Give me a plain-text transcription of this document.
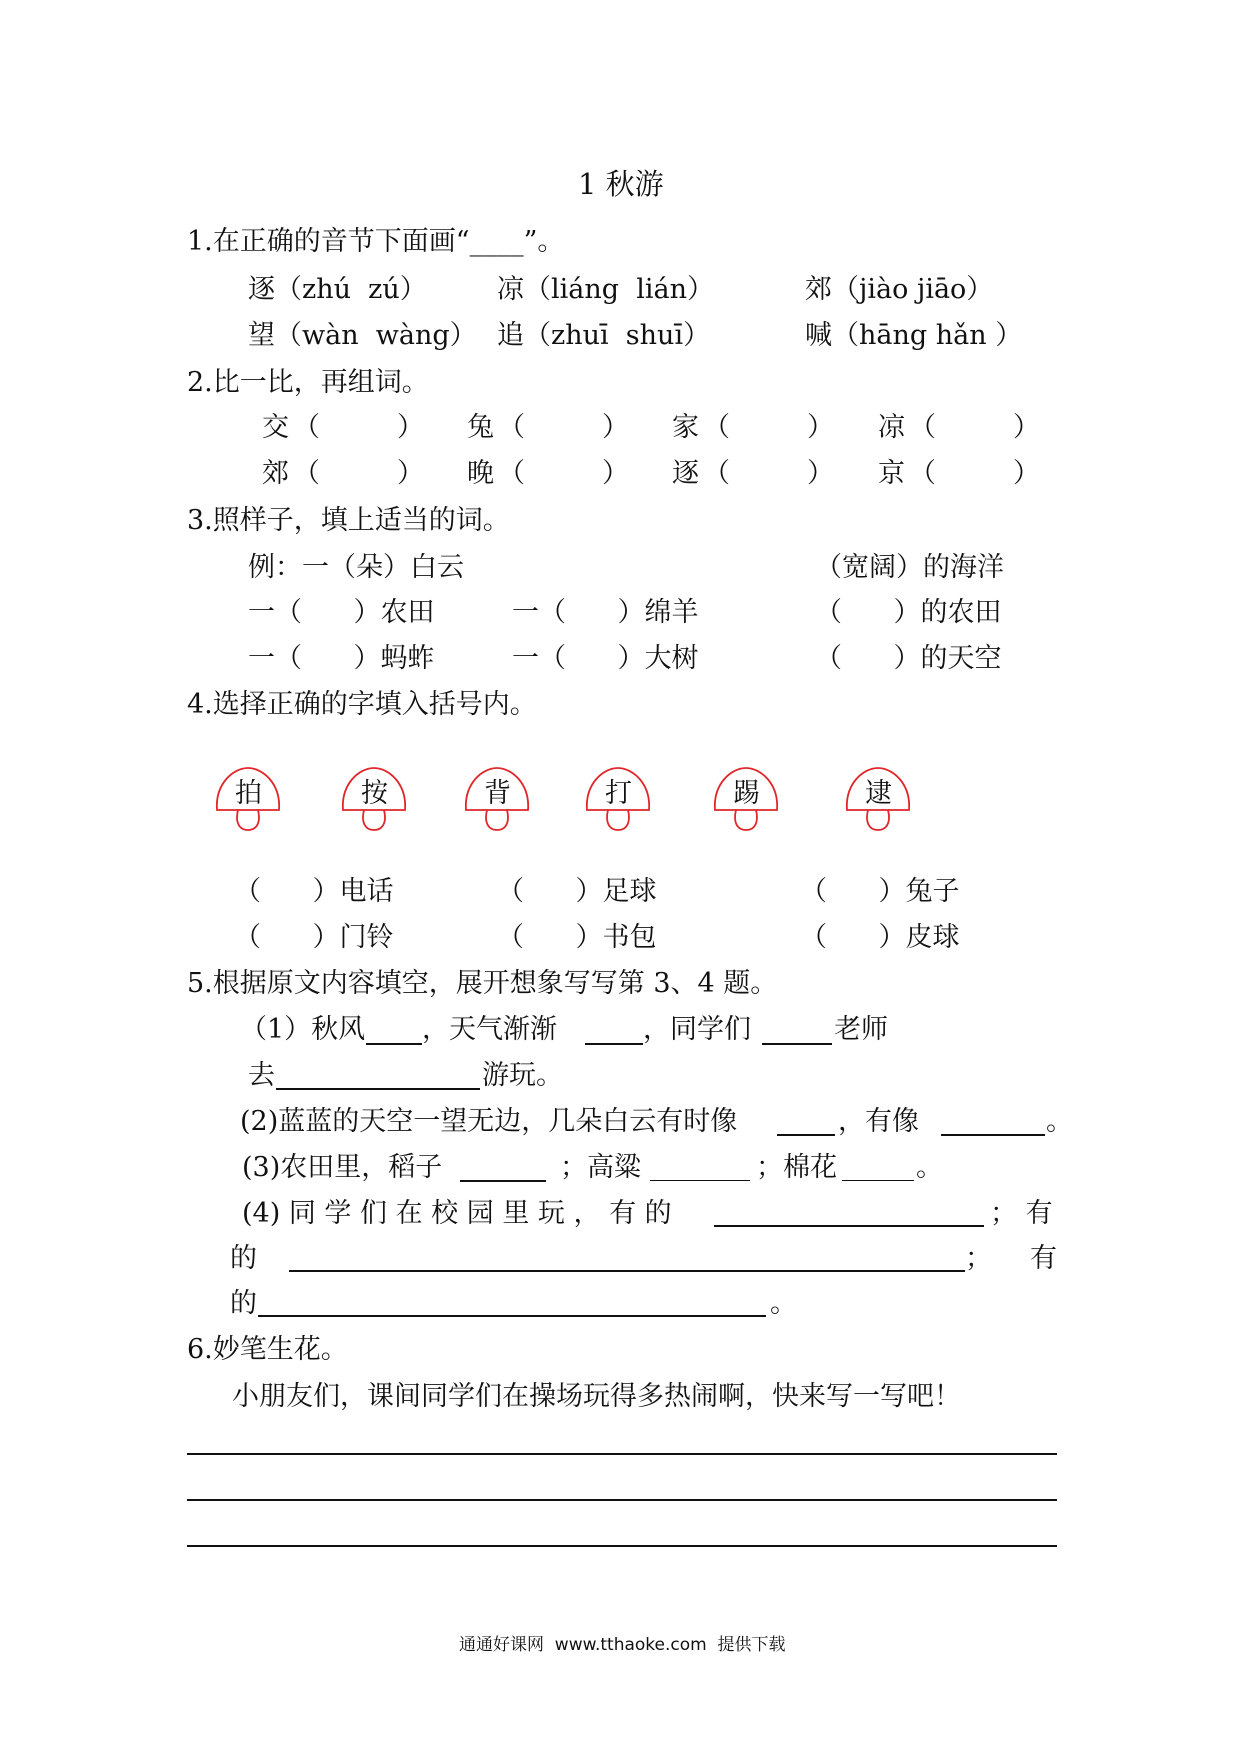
1 秋游
1.在正确的音节下面画“____”。
逐（zhú  zú）	凉（liáng  lián）	郊（jiào jiāo）
望（wàn  wàng） 追（zhuī  shuī）	喊（hāng hǎn ）
2.比一比，再组词。
交 （	） 兔 （	） 家 （	） 凉 （	）
郊 （	） 晚 （	） 逐 （	） 京 （	）
3.照样子，填上适当的词。
例：一（朵）白云	（宽阔）的海洋
一（      ）农田	一（      ）绵羊	（      ）的农田
一（      ）蚂蚱	一（      ）大树	（      ）的天空
4.选择正确的字填入括号内。
拍	按	背	打	踢	逮
（      ）电话	（      ）足球	（      ）兔子
（      ）门铃	（      ）书包	（      ）皮球
5.根据原文内容填空，展开想象写写第 3、4 题。
（1）秋风 ，天气渐渐	，同学们	老师
去	游玩。
(2)蓝蓝的天空一望无边，几朵白云有时像	，有像	。
(3)农田里，稻子	；高粱	；棉花	。
(4) 同 学 们 在 校 园 里 玩 ， 有 的	； 有
的	； 有
的	。
6.妙笔生花。
小朋友们，课间同学们在操场玩得多热闹啊，快来写一写吧！
通通好课网  www.tthaoke.com  提供下载
